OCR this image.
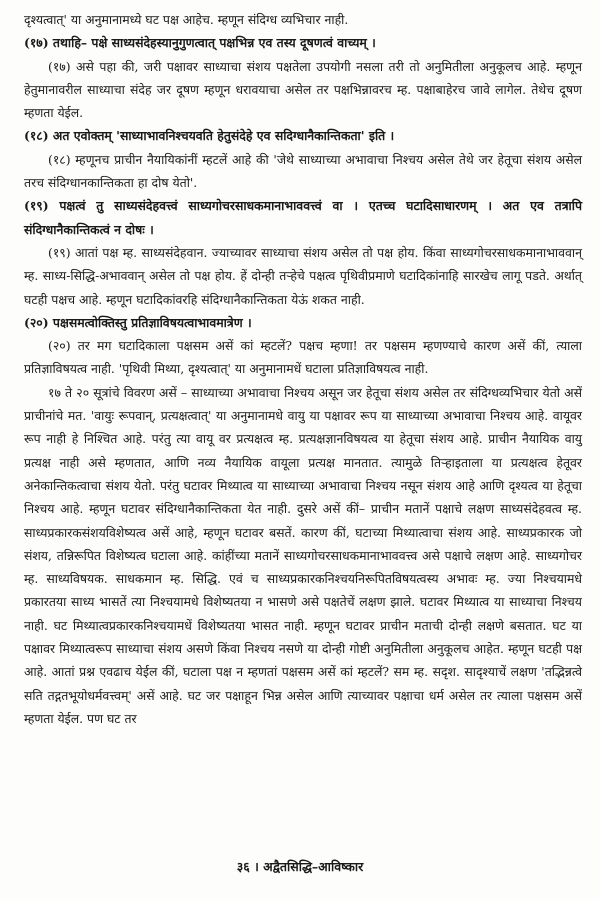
दृश्यत्वात्' या अनुमानामध्ये घट पक्ष आहेच. म्हणून संदिग्ध व्यभिचार नाही.

(१७) तथाहि– पक्षे साध्यसंदेहस्यानुगुणत्वात् पक्षभिन्न एव तस्य दूषणत्वं वाच्यम् ।

(१७) असे पहा की, जरी पक्षावर साध्याचा संशय पक्षतेला उपयोगी नसला तरी तो अनुमितीला अनुकूलच आहे. म्हणून हेतुमानावरील साध्याचा संदेह जर दूषण म्हणून धरावयाचा असेल तर पक्षभिन्नावरच म्ह. पक्षाबाहेरच जावे लागेल. तेथेच दूषण म्हणता येईल.

(१८) अत एवोक्तम् 'साध्याभावनिश्चयवति हेतुसंदेहे एव सदिग्धानैकान्तिकता' इति ।

(१८) म्हणूनच प्राचीन नैयायिकांनीं म्हटलें आहे की 'जेथे साध्याच्या अभावाचा निश्चय असेल तेथे जर हेतूचा संशय असेल तरच संदिग्धानकान्तिकता हा दोष येतो'.

(१९) पक्षत्वं तु साध्यसंदेहवत्त्वं साध्यगोचरसाधकमानाभाववत्त्वं वा । एतच्च घटादिसाधारणम् । अत एव तत्रापि संदिग्धानैकान्तिकत्वं न दोषः ।

(१९) आतां पक्ष म्ह. साध्यसंदेहवान. ज्याच्यावर साध्याचा संशय असेल तो पक्ष होय. किंवा साध्यगोचरसाधकमानाभाववान् म्ह. साध्य-सिद्धि-अभाववान् असेल तो पक्ष होय. हें दोन्ही तऱ्हेचे पक्षत्व पृथिवीप्रमाणे घटादिकांनाहि सारखेच लागू पडते. अर्थात् घटही पक्षच आहे. म्हणून घटादिकांवरहि संदिग्धानैकान्तिकता येऊं शकत नाही.

(२०) पक्षसमत्वोक्तिस्तु प्रतिज्ञाविषयत्वाभावमात्रेण ।

(२०) तर मग घटादिकाला पक्षसम असें कां म्हटलें? पक्षच म्हणा! तर पक्षसम म्हणण्याचे कारण असें कीं, त्याला प्रतिज्ञाविषयत्व नाही. 'पृथिवी मिथ्या, दृश्यत्वात्' या अनुमानामधें घटाला प्रतिज्ञाविषयत्व नाही.

१७ ते २० सूत्रांचे विवरण असें – साध्याच्या अभावाचा निश्चय असून जर हेतूचा संशय असेल तर संदिग्धव्यभिचार येतो असें प्राचीनांचे मत. 'वायुः रूपवान्, प्रत्यक्षत्वात्' या अनुमानामधे वायु या पक्षावर रूप या साध्याच्या अभावाचा निश्चय आहे. वायूवर रूप नाही हे निश्चित आहे. परंतु त्या वायू वर प्रत्यक्षत्व म्ह. प्रत्यक्षज्ञानविषयत्व या हेतूचा संशय आहे. प्राचीन नैयायिक वायु प्रत्यक्ष नाही असे म्हणतात, आणि नव्य नैयायिक वायूला प्रत्यक्ष मानतात. त्यामुळे तिऱ्हाइताला या प्रत्यक्षत्व हेतूवर अनेकान्तिकत्वाचा संशय येतो. परंतु घटावर मिथ्यात्व या साध्याच्या अभावाचा निश्चय नसून संशय आहे आणि दृश्यत्व या हेतूचा निश्चय आहे. म्हणून घटावर संदिग्धानैकान्तिकता येत नाही. दुसरे असें कीं– प्राचीन मतानें पक्षाचे लक्षण साध्यसंदेहवत्व म्ह. साध्यप्रकारकसंशयविशेष्यत्व असें आहे, म्हणून घटावर बसतें. कारण कीं, घटाच्या मिथ्यात्वाचा संशय आहे. साध्यप्रकारक जो संशय, तन्निरूपित विशेष्यत्व घटाला आहे. कांहींच्या मतानें साध्यगोचरसाधकमानाभाववत्त्व असे पक्षाचे लक्षण आहे. साध्यगोचर म्ह. साध्यविषयक. साधकमान म्ह. सिद्धि. एवं च साध्यप्रकारकनिश्चयनिरूपितविषयत्वस्य अभावः म्ह. ज्या निश्चयामधे प्रकारतया साध्य भासतें त्या निश्चयामधे विशेष्यतया न भासणे असे पक्षतेचें लक्षण झाले. घटावर मिथ्यात्व या साध्याचा निश्चय नाही. घट मिथ्यात्वप्रकारकनिश्चयामधें विशेष्यतया भासत नाही. म्हणून घटावर प्राचीन मताची दोन्ही लक्षणे बसतात. घट या पक्षावर मिथ्यात्वरूप साध्याचा संशय असणे किंवा निश्चय नसणे या दोन्ही गोष्टी अनुमितीला अनुकूलच आहेत. म्हणून घटही पक्ष आहे. आतां प्रश्न एवढाच येईल कीं, घटाला पक्ष न म्हणतां पक्षसम असें कां म्हटलें? सम म्ह. सदृश. सादृश्याचें लक्षण 'तद्भिन्नत्वे सति तद्गतभूयोधर्मवत्त्वम्' असें आहे. घट जर पक्षाहून भिन्न असेल आणि त्याच्यावर पक्षाचा धर्म असेल तर त्याला पक्षसम असें म्हणता येईल. पण घट तर

३६ । अद्वैतसिद्धि–आविष्कार
